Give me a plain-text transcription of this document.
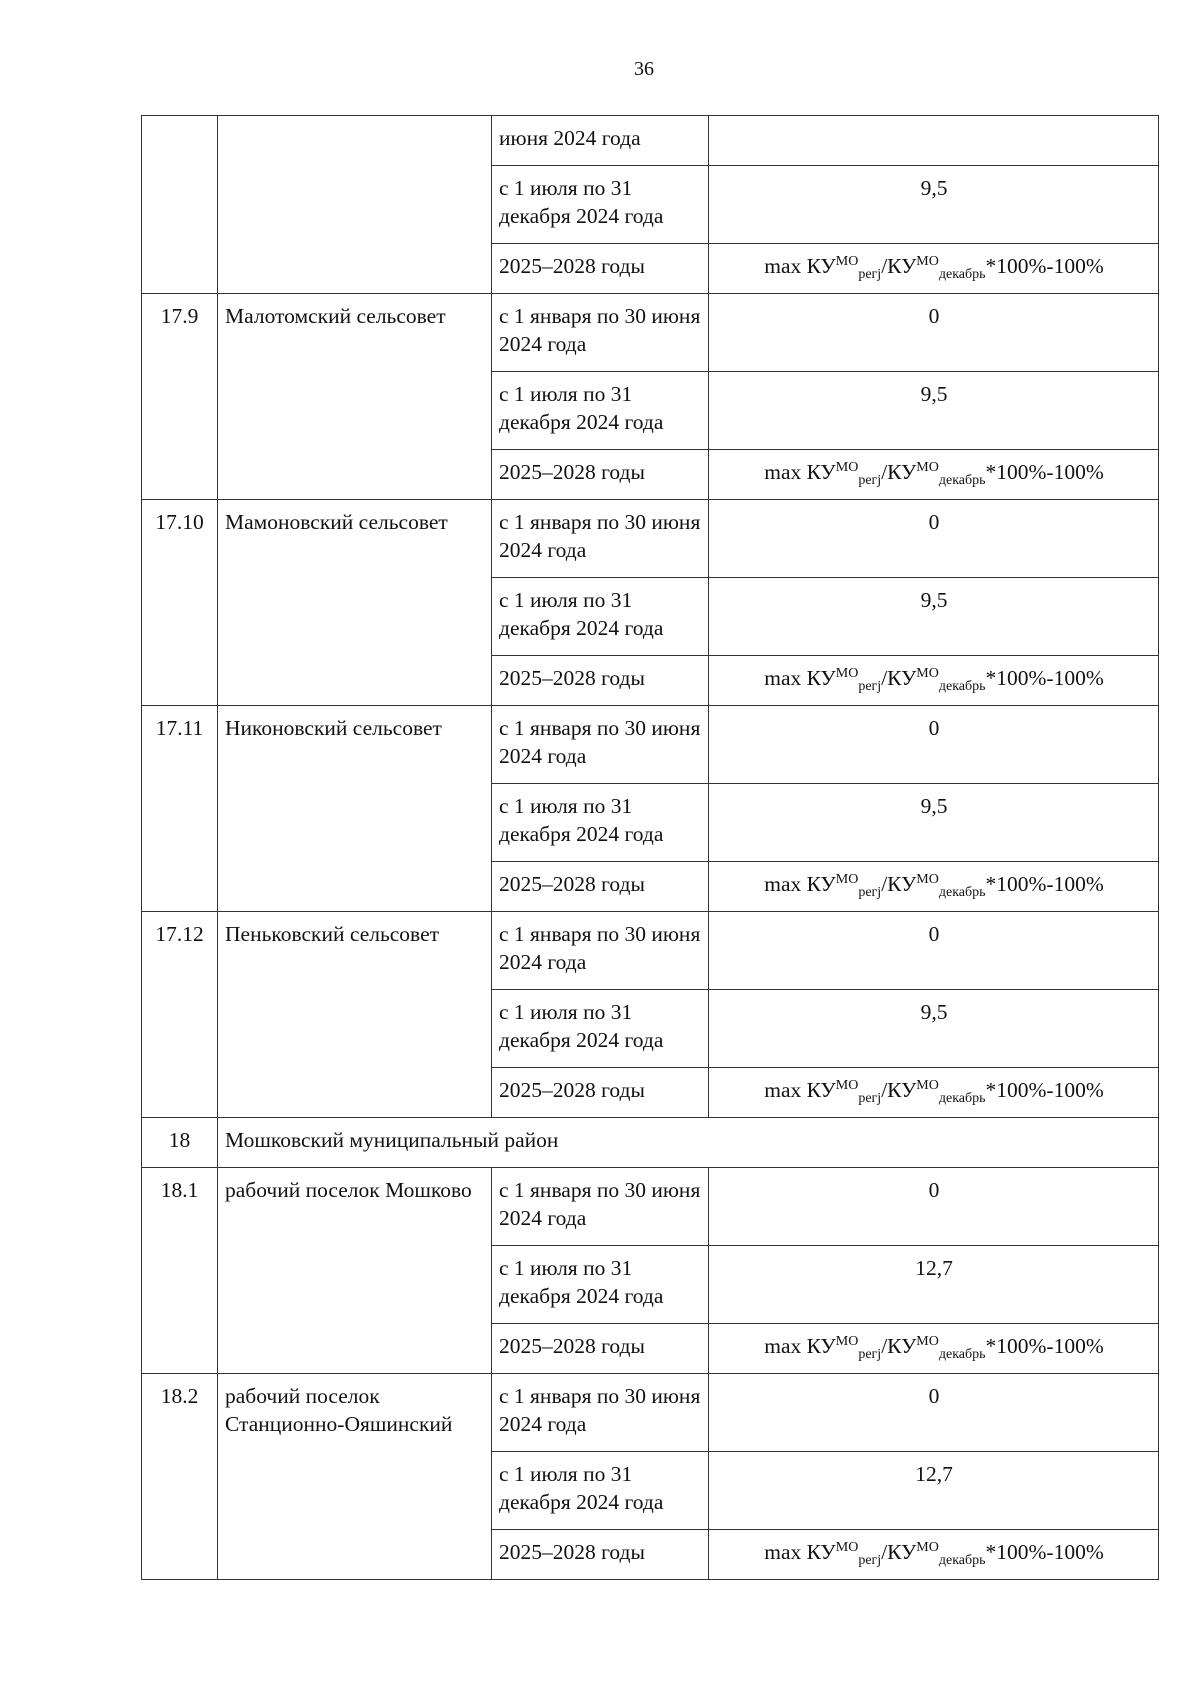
36
		июня 2024 года	
		с 1 июля по 31 декабря 2024 года	9,5
		2025–2028 годы	$\max КУ^{МО}_{регj}/КУ^{МО}_{декабрь}*100\%-100\%$
17.9	Малотомский сельсовет	с 1 января по 30 июня 2024 года	0
		с 1 июля по 31 декабря 2024 года	9,5
		2025–2028 годы	$\max КУ^{МО}_{регj}/КУ^{МО}_{декабрь}*100\%-100\%$
17.10	Мамоновский сельсовет	с 1 января по 30 июня 2024 года	0
		с 1 июля по 31 декабря 2024 года	9,5
		2025–2028 годы	$\max КУ^{МО}_{регj}/КУ^{МО}_{декабрь}*100\%-100\%$
17.11	Никоновский сельсовет	с 1 января по 30 июня 2024 года	0
		с 1 июля по 31 декабря 2024 года	9,5
		2025–2028 годы	$\max КУ^{МО}_{регj}/КУ^{МО}_{декабрь}*100\%-100\%$
17.12	Пеньковский сельсовет	с 1 января по 30 июня 2024 года	0
		с 1 июля по 31 декабря 2024 года	9,5
		2025–2028 годы	$\max КУ^{МО}_{регj}/КУ^{МО}_{декабрь}*100\%-100\%$
18	Мошковский муниципальный район		
18.1	рабочий поселок Мошково	с 1 января по 30 июня 2024 года	0
		с 1 июля по 31 декабря 2024 года	12,7
		2025–2028 годы	$\max КУ^{МО}_{регj}/КУ^{МО}_{декабрь}*100\%-100\%$
18.2	рабочий поселок Станционно-Ояшинский	с 1 января по 30 июня 2024 года	0
		с 1 июля по 31 декабря 2024 года	12,7
		2025–2028 годы	$\max КУ^{МО}_{регj}/КУ^{МО}_{декабрь}*100\%-100\%$
